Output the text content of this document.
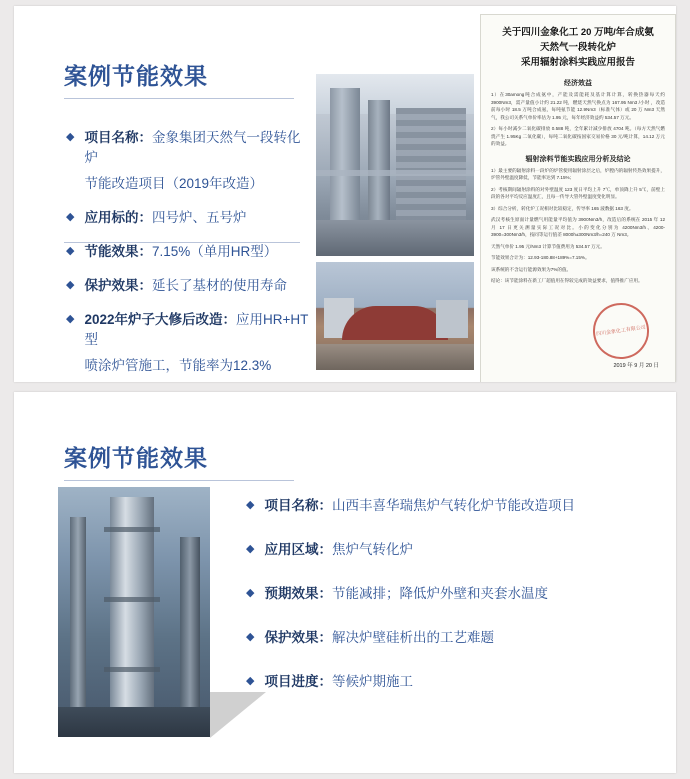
案例节能效果
◆ 项目名称：金象集团天然气一段转化炉
节能改造项目（2019年改造）
◆ 应用标的：四号炉、五号炉
◆ 节能效果：7.15%（单用HR型）
◆ 保护效果：延长了基材的使用寿命
◆ 2022年炉子大修后改造：应用HR+HT型
喷涂炉管施工，节能率为12.3%
关于四川金象化工 20 万吨/年合成氨
天然气一段转化炉
采用辐射涂料实践应用报告
经济效益

1）在30among吨合成氨中，产能及需能耗及基计算计算，转换热器每天约 3900Nm3，需产量值小计约 21.22 吨，燃烧天然气换点为 167.95 Nm3 /小时 ，改造前每小时 18.5 万吨合成氨，每吨氨节能 12.9Nm3（标准气体）或 20 万 Nm3 天然气，我公司关系气单价率估为 1.95 元，每年经济效益约 534.57 万元。

2）每小时减少二氧化碳排放 0.588 吨，全年累计减少排放 4704 吨。（每方天然气燃烧产生 1.95Kg 二氧化碳），每吨二氧化碳按国家交易价格 30 元/吨计算，14.12 万元的效益。

辐射涂料节能实践应用分析及结论

1）最主要的辐射涂料一段炉的炉管使用辐射涂层之后，炉膛内的辐射传热效果提升，炉管外壁温度降低，节能率达到 7.15%；

2）考核期间辐射涂料的对外壁温度 123 度日平均上升 7℃，单顶降上升 5℃，前壁上段的各对平均反应温度汇，且每一传导大管外壁温度变化明显。

3）综合分析，转化炉工况相对比较稳定，传导率 165 波数据 163 度。

武汉考核生原面计量燃气用能量平均值为 3900Nm3/h，改造后的系统在 2015 年 12 月 17 日更关测量实际工况对比。小的变化分别为 4200Nm3/h、4200-3900=300Nm3/h，按同等运行值差 8000h±300Nm3/h=240 万 Nm3。

天然气单价 1.95 元/Nm3 计算节值费用为 534.57 万元。

节能效果合计为：12.93-180.88+189%=7.15%。

该系统的不含运行能源效果为7%的值。

结论：该节能涂料在新工厂超值用在得较完成的效益要求，值得推广应用。

四川金象化工有限公司
2019 年 9 月 20 日
案例节能效果
◆ 项目名称：山西丰喜华瑞焦炉气转化炉节能改造项目
◆ 应用区域：焦炉气转化炉
◆ 预期效果：节能减排；降低炉外壁和夹套水温度
◆ 保护效果：解决炉壁硅析出的工艺难题
◆ 项目进度：等候炉期施工
